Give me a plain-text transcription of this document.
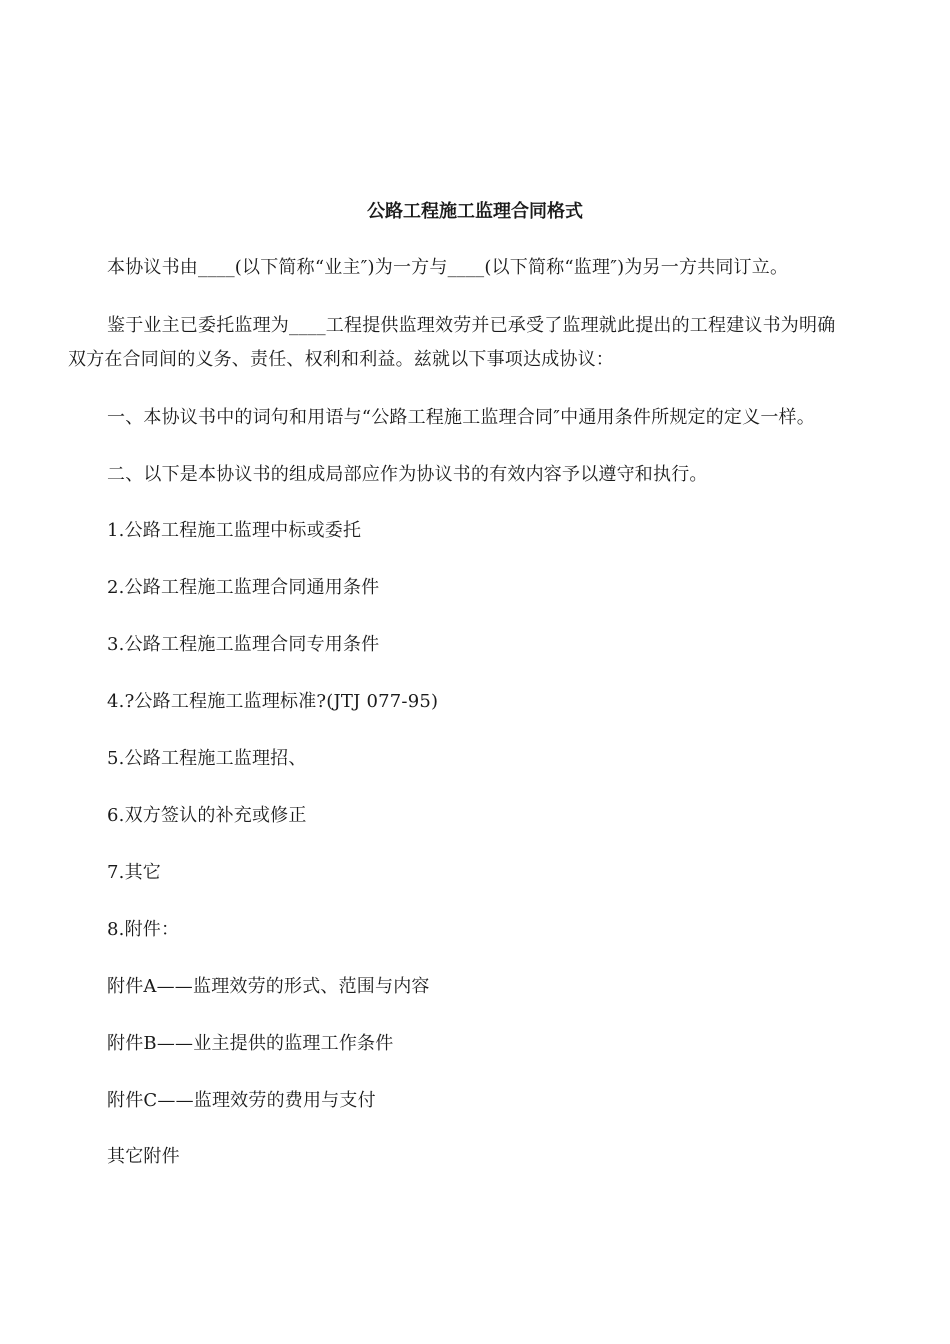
公路工程施工监理合同格式
本协议书由____(以下简称“业主″)为一方与____(以下简称“监理″)为另一方共同订立。
鉴于业主已委托监理为____工程提供监理效劳并已承受了监理就此提出的工程建议书为明确
双方在合同间的义务、责任、权利和利益。兹就以下事项达成协议：
一、本协议书中的词句和用语与“公路工程施工监理合同″中通用条件所规定的定义一样。
二、以下是本协议书的组成局部应作为协议书的有效内容予以遵守和执行。
1.公路工程施工监理中标或委托
2.公路工程施工监理合同通用条件
3.公路工程施工监理合同专用条件
4.?公路工程施工监理标准?(JTJ 077-95)
5.公路工程施工监理招、
6.双方签认的补充或修正
7.其它
8.附件：
附件A——监理效劳的形式、范围与内容
附件B——业主提供的监理工作条件
附件C——监理效劳的费用与支付
其它附件
